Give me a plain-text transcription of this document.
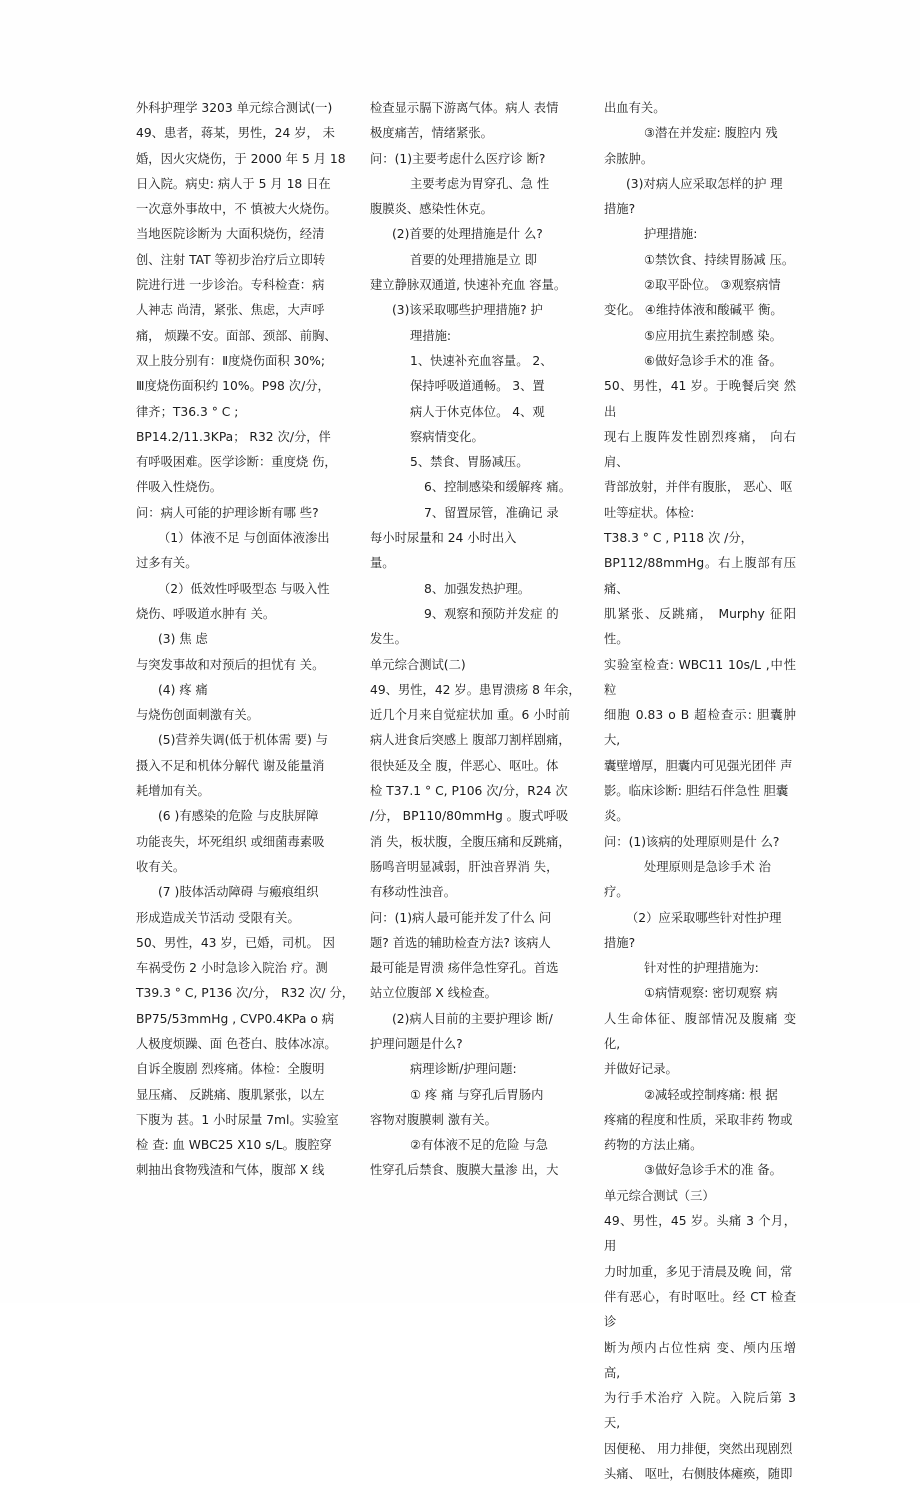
外科护理学 3203 单元综合测试(一)

49、患者，蒋某，男性，24 岁， 未

婚，因火灾烧伤，于 2000 年 5 月 18

日入院。病史: 病人于 5 月 18 日在

一次意外事故中，不 慎被大火烧伤。

当地医院诊断为 大面积烧伤，经清

创、注射 TAT 等初步治疗后立即转

院进行进 一步诊治。专科检查：病

人神志 尚清，紧张、焦虑，大声呼

痛， 烦躁不安。面部、颈部、前胸、

双上肢分别有：Ⅱ度烧伤面积 30%;

Ⅲ度烧伤面积约 10%。P98 次/分，

律齐；T36.3 ° C ;

BP14.2/11.3KPa； R32 次/分，伴

有呼吸困难。医学诊断：重度烧 伤，

伴吸入性烧伤。

问：病人可能的护理诊断有哪 些?

（1）体液不足 与创面体液渗出

过多有关。

（2）低效性呼吸型态 与吸入性

烧伤、呼吸道水肿有 关。

(3) 焦 虑

与突发事故和对预后的担忧有 关。

(4) 疼 痛

与烧伤创面刺激有关。

(5)营养失调(低于机体需 要) 与

摄入不足和机体分解代 谢及能量消

耗增加有关。

(6 )有感染的危险 与皮肤屏障

功能丧失，坏死组织 或细菌毒素吸

收有关。

(7 )肢体活动障碍 与瘢痕组织

形成造成关节活动 受限有关。

50、男性，43 岁，已婚，司机。 因

车祸受伤 2 小时急诊入院治 疗。测

T39.3 ° C, P136 次/分， R32 次/ 分，

BP75/53mmHg , CVP0.4KPa o 病

人极度烦躁、面 色苍白、肢体冰凉。

自诉全腹剧 烈疼痛。体检：全腹明

显压痛、 反跳痛、腹肌紧张，以左

下腹为 甚。1 小时尿量 7ml。实验室

检 查: 血 WBC25 X10 s/L。腹腔穿

刺抽出食物残渣和气体，腹部 X 线

检查显示膈下游离气体。病人 表情

极度痛苦，情绪紧张。

问：(1)主要考虑什么医疗诊 断?

主要考虑为胃穿孔、急 性

腹膜炎、感染性休克。

(2)首要的处理措施是什 么?

首要的处理措施是立 即

建立静脉双通道, 快速补充血 容量。

(3)该采取哪些护理措施? 护

理措施:

1、快速补充血容量。 2、

保持呼吸道通畅。 3、置

病人于休克体位。 4、观

察病情变化。

5、禁食、胃肠减压。

6、控制感染和缓解疼 痛。

7、留置尿管，准确记 录

每小时尿量和 24 小时出入

量。

8、加强发热护理。

9、观察和预防并发症 的

发生。

单元综合测试(二)

49、男性，42 岁。患胃溃疡 8 年余，

近几个月来自觉症状加 重。6 小时前

病人进食后突感上 腹部刀割样剧痛，

很快延及全 腹，伴恶心、呕吐。体

检 T37.1 ° C, P106 次/分，R24 次

/分， BP110/80mmHg 。腹式呼吸

消 失，板状腹，全腹压痛和反跳痛，

肠鸣音明显减弱，肝浊音界消 失，

有移动性浊音。

问：(1)病人最可能并发了什么 问

题? 首选的辅助检查方法? 该病人

最可能是胃溃 疡伴急性穿孔。首选

站立位腹部 X 线检查。

(2)病人目前的主要护理诊 断/

护理问题是什么?

病理诊断/护理问题:

① 疼 痛 与穿孔后胃肠内

容物对腹膜刺 激有关。

②有体液不足的危险 与急

性穿孔后禁食、腹膜大量渗 出，大

出血有关。

③潜在并发症: 腹腔内 残

余脓肿。

(3)对病人应采取怎样的护 理

措施?

护理措施:

①禁饮食、持续胃肠减 压。

②取平卧位。 ③观察病情

变化。 ④维持体液和酸碱平 衡。

⑤应用抗生素控制感 染。

⑥做好急诊手术的准 备。

50、男性，41 岁。于晚餐后突 然出

现右上腹阵发性剧烈疼痛， 向右肩、

背部放射，并伴有腹胀， 恶心、呕

吐等症状。体检:

T38.3 ° C , P118 次 /分，

BP112/88mmHg。右上腹部有压 痛、

肌紧张、反跳痛， Murphy 征阳性。

实验室检查: WBC11 10s/L ,中性粒

细胞 0.83 o B 超检查示: 胆囊肿大,

囊壁增厚，胆囊内可见强光团伴 声

影。临床诊断: 胆结石伴急性 胆囊

炎。

问：(1)该病的处理原则是什 么?

处理原则是急诊手术 治

疗。

（2）应采取哪些针对性护理

措施?

针对性的护理措施为:

①病情观察: 密切观察 病

人生命体征、腹部情况及腹痛 变化,

并做好记录。

②减轻或控制疼痛: 根 据

疼痛的程度和性质，采取非药 物或

药物的方法止痛。

③做好急诊手术的准 备。

单元综合测试（三）

49、男性，45 岁。头痛 3 个月， 用

力时加重，多见于清晨及晚 间，常

伴有恶心，有时呕吐。经 CT 检查诊

断为颅内占位性病 变、颅内压增高,

为行手术治疗 入院。入院后第 3 天,

因便秘、 用力排便，突然出现剧烈

头痛、 呕吐，右侧肢体瘫痪，随即
